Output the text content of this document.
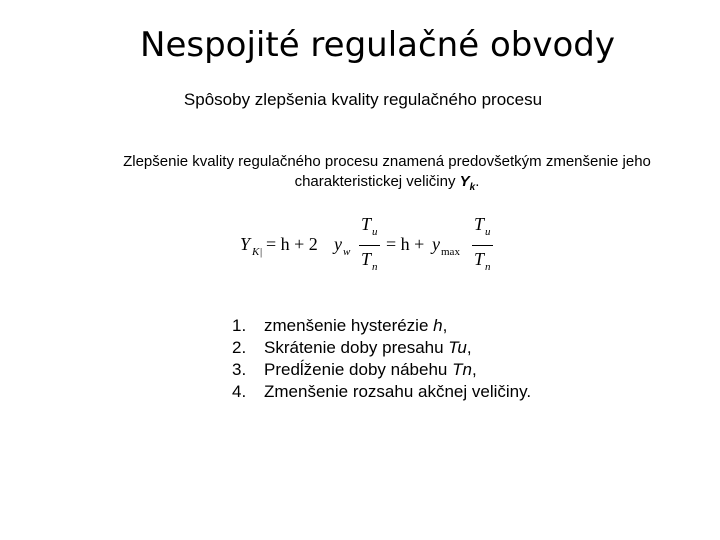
Nespojité regulačné obvody
Spôsoby zlepšenia kvality regulačného procesu
Zlepšenie kvality regulačného procesu znamená predovšetkým zmenšenie jeho charakteristickej veličiny $Y_k$.
Y K| = h + 2 y w
T u
T n
= h + y max
T u
T n
1. zmenšenie hysterézie h,
2. Skrátenie doby presahu Tu,
3. Predĺženie doby nábehu Tn,
4. Zmenšenie rozsahu akčnej veličiny.
